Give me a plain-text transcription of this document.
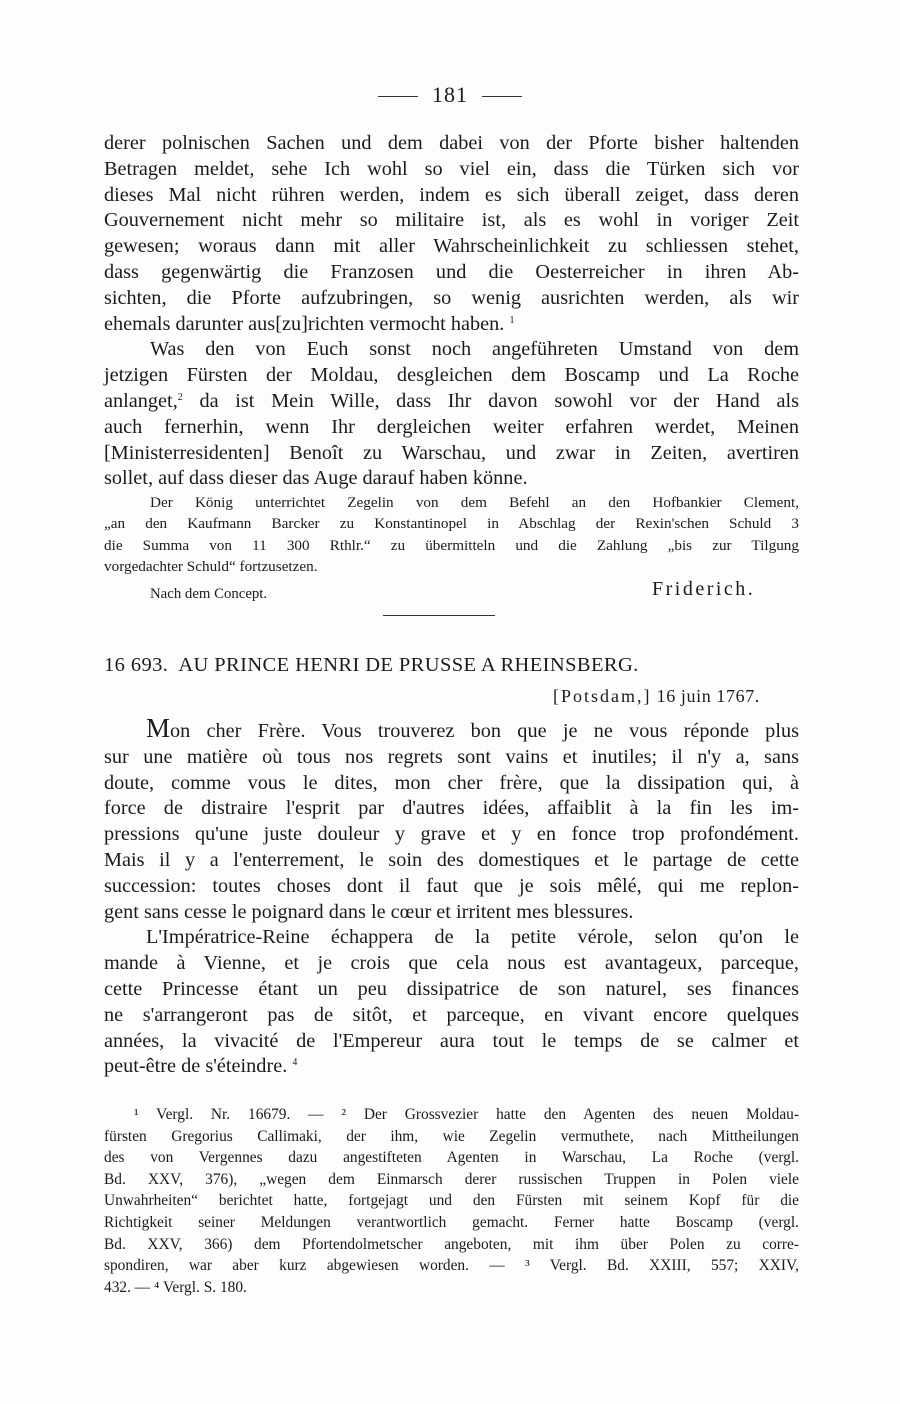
181
derer polnischen Sachen und dem dabei von der Pforte bisher haltenden
Betragen meldet, sehe Ich wohl so viel ein, dass die Türken sich vor
dieses Mal nicht rühren werden, indem es sich überall zeiget, dass deren
Gouvernement nicht mehr so militaire ist, als es wohl in voriger Zeit
gewesen; woraus dann mit aller Wahrscheinlichkeit zu schliessen stehet,
dass gegenwärtig die Franzosen und die Oesterreicher in ihren Ab-
sichten, die Pforte aufzubringen, so wenig ausrichten werden, als wir
ehemals darunter aus[zu]richten vermocht haben. $^1$
Was den von Euch sonst noch angeführeten Umstand von dem
jetzigen Fürsten der Moldau, desgleichen dem Boscamp und La Roche
anlanget,$^2$ da ist Mein Wille, dass Ihr davon sowohl vor der Hand als
auch fernerhin, wenn Ihr dergleichen weiter erfahren werdet, Meinen
[Ministerresidenten] Benoît zu Warschau, und zwar in Zeiten, avertiren
sollet, auf dass dieser das Auge darauf haben könne.
Der König unterrichtet Zegelin von dem Befehl an den Hofbankier Clement,
„an den Kaufmann Barcker zu Konstantinopel in Abschlag der Rexin'schen Schuld 3
die Summa von 11 300 Rthlr.“ zu übermitteln und die Zahlung „bis zur Tilgung
vorgedachter Schuld“ fortzusetzen.
Nach dem Concept.	Friderich.
16 693. AU PRINCE HENRI DE PRUSSE A RHEINSBERG.
[Potsdam,] 16 juin 1767.
Mon cher Frère. Vous trouverez bon que je ne vous réponde plus
sur une matière où tous nos regrets sont vains et inutiles; il n'y a, sans
doute, comme vous le dites, mon cher frère, que la dissipation qui, à
force de distraire l'esprit par d'autres idées, affaiblit à la fin les im-
pressions qu'une juste douleur y grave et y en fonce trop profondément.
Mais il y a l'enterrement, le soin des domestiques et le partage de cette
succession: toutes choses dont il faut que je sois mêlé, qui me replon-
gent sans cesse le poignard dans le cœur et irritent mes blessures.
L'Impératrice-Reine échappera de la petite vérole, selon qu'on le
mande à Vienne, et je crois que cela nous est avantageux, parceque,
cette Princesse étant un peu dissipatrice de son naturel, ses finances
ne s'arrangeront pas de sitôt, et parceque, en vivant encore quelques
années, la vivacité de l'Empereur aura tout le temps de se calmer et
peut-être de s'éteindre. $^4$
¹ Vergl. Nr. 16679. — ² Der Grossvezier hatte den Agenten des neuen Moldau-
fürsten Gregorius Callimaki, der ihm, wie Zegelin vermuthete, nach Mittheilungen
des von Vergennes dazu angestifteten Agenten in Warschau, La Roche (vergl.
Bd. XXV, 376), „wegen dem Einmarsch derer russischen Truppen in Polen viele
Unwahrheiten“ berichtet hatte, fortgejagt und den Fürsten mit seinem Kopf für die
Richtigkeit seiner Meldungen verantwortlich gemacht. Ferner hatte Boscamp (vergl.
Bd. XXV, 366) dem Pfortendolmetscher angeboten, mit ihm über Polen zu corre-
spondiren, war aber kurz abgewiesen worden. — ³ Vergl. Bd. XXIII, 557; XXIV,
432. — ⁴ Vergl. S. 180.
